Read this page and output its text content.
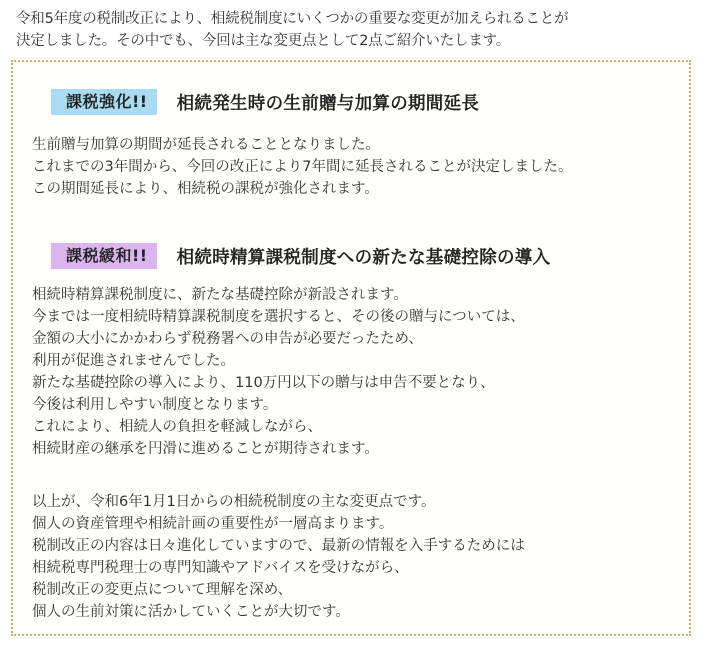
令和5年度の税制改正により、相続税制度にいくつかの重要な変更が加えられることが
決定しました。その中でも、今回は主な変更点として2点ご紹介いたします。
課税強化!!	相続発生時の生前贈与加算の期間延長
生前贈与加算の期間が延長されることとなりました。
これまでの3年間から、今回の改正により7年間に延長されることが決定しました。
この期間延長により、相続税の課税が強化されます。
課税緩和!!	相続時精算課税制度への新たな基礎控除の導入
相続時精算課税制度に、新たな基礎控除が新設されます。
今までは一度相続時精算課税制度を選択すると、その後の贈与については、
金額の大小にかかわらず税務署への申告が必要だったため、
利用が促進されませんでした。
新たな基礎控除の導入により、110万円以下の贈与は申告不要となり、
今後は利用しやすい制度となります。
これにより、相続人の負担を軽減しながら、
相続財産の継承を円滑に進めることが期待されます。
以上が、令和6年1月1日からの相続税制度の主な変更点です。
個人の資産管理や相続計画の重要性が一層高まります。
税制改正の内容は日々進化していますので、最新の情報を入手するためには
相続税専門税理士の専門知識やアドバイスを受けながら、
税制改正の変更点について理解を深め、
個人の生前対策に活かしていくことが大切です。
